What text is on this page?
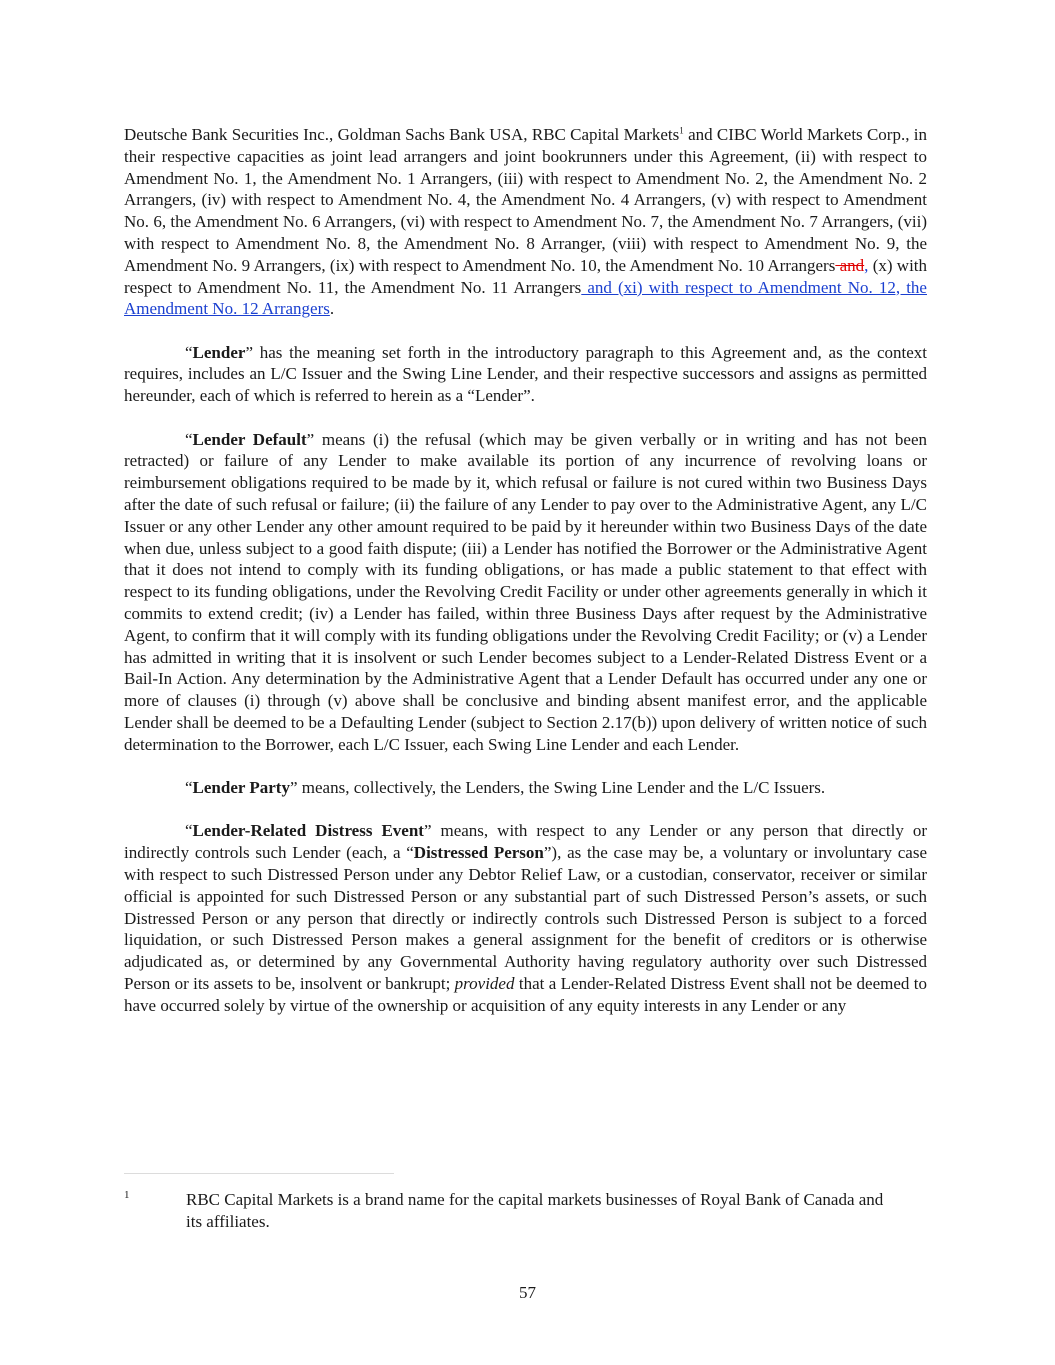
Deutsche Bank Securities Inc., Goldman Sachs Bank USA, RBC Capital Markets$^1$ and CIBC World Markets Corp., in their respective capacities as joint lead arrangers and joint bookrunners under this Agreement, (ii) with respect to Amendment No. 1, the Amendment No. 1 Arrangers, (iii) with respect to Amendment No. 2, the Amendment No. 2 Arrangers, (iv) with respect to Amendment No. 4, the Amendment No. 4 Arrangers, (v) with respect to Amendment No. 6, the Amendment No. 6 Arrangers, (vi) with respect to Amendment No. 7, the Amendment No. 7 Arrangers, (vii) with respect to Amendment No. 8, the Amendment No. 8 Arranger, (viii) with respect to Amendment No. 9, the Amendment No. 9 Arrangers, (ix) with respect to Amendment No. 10, the Amendment No. 10 Arrangers and, (x) with respect to Amendment No. 11, the Amendment No. 11 Arrangers and (xi) with respect to Amendment No. 12, the Amendment No. 12 Arrangers.

“Lender” has the meaning set forth in the introductory paragraph to this Agreement and, as the context requires, includes an L/C Issuer and the Swing Line Lender, and their respective successors and assigns as permitted hereunder, each of which is referred to herein as a “Lender”.

“Lender Default” means (i) the refusal (which may be given verbally or in writing and has not been retracted) or failure of any Lender to make available its portion of any incurrence of revolving loans or reimbursement obligations required to be made by it, which refusal or failure is not cured within two Business Days after the date of such refusal or failure; (ii) the failure of any Lender to pay over to the Administrative Agent, any L/C Issuer or any other Lender any other amount required to be paid by it hereunder within two Business Days of the date when due, unless subject to a good faith dispute; (iii) a Lender has notified the Borrower or the Administrative Agent that it does not intend to comply with its funding obligations, or has made a public statement to that effect with respect to its funding obligations, under the Revolving Credit Facility or under other agreements generally in which it commits to extend credit; (iv) a Lender has failed, within three Business Days after request by the Administrative Agent, to confirm that it will comply with its funding obligations under the Revolving Credit Facility; or (v) a Lender has admitted in writing that it is insolvent or such Lender becomes subject to a Lender-Related Distress Event or a Bail-In Action. Any determination by the Administrative Agent that a Lender Default has occurred under any one or more of clauses (i) through (v) above shall be conclusive and binding absent manifest error, and the applicable Lender shall be deemed to be a Defaulting Lender (subject to Section 2.17(b)) upon delivery of written notice of such determination to the Borrower, each L/C Issuer, each Swing Line Lender and each Lender.

“Lender Party” means, collectively, the Lenders, the Swing Line Lender and the L/C Issuers.

“Lender-Related Distress Event” means, with respect to any Lender or any person that directly or indirectly controls such Lender (each, a “Distressed Person”), as the case may be, a voluntary or involuntary case with respect to such Distressed Person under any Debtor Relief Law, or a custodian, conservator, receiver or similar official is appointed for such Distressed Person or any substantial part of such Distressed Person’s assets, or such Distressed Person or any person that directly or indirectly controls such Distressed Person is subject to a forced liquidation, or such Distressed Person makes a general assignment for the benefit of creditors or is otherwise adjudicated as, or determined by any Governmental Authority having regulatory authority over such Distressed Person or its assets to be, insolvent or bankrupt; provided that a Lender-Related Distress Event shall not be deemed to have occurred solely by virtue of the ownership or acquisition of any equity interests in any Lender or any

1	RBC Capital Markets is a brand name for the capital markets businesses of Royal Bank of Canada and its affiliates.
57
